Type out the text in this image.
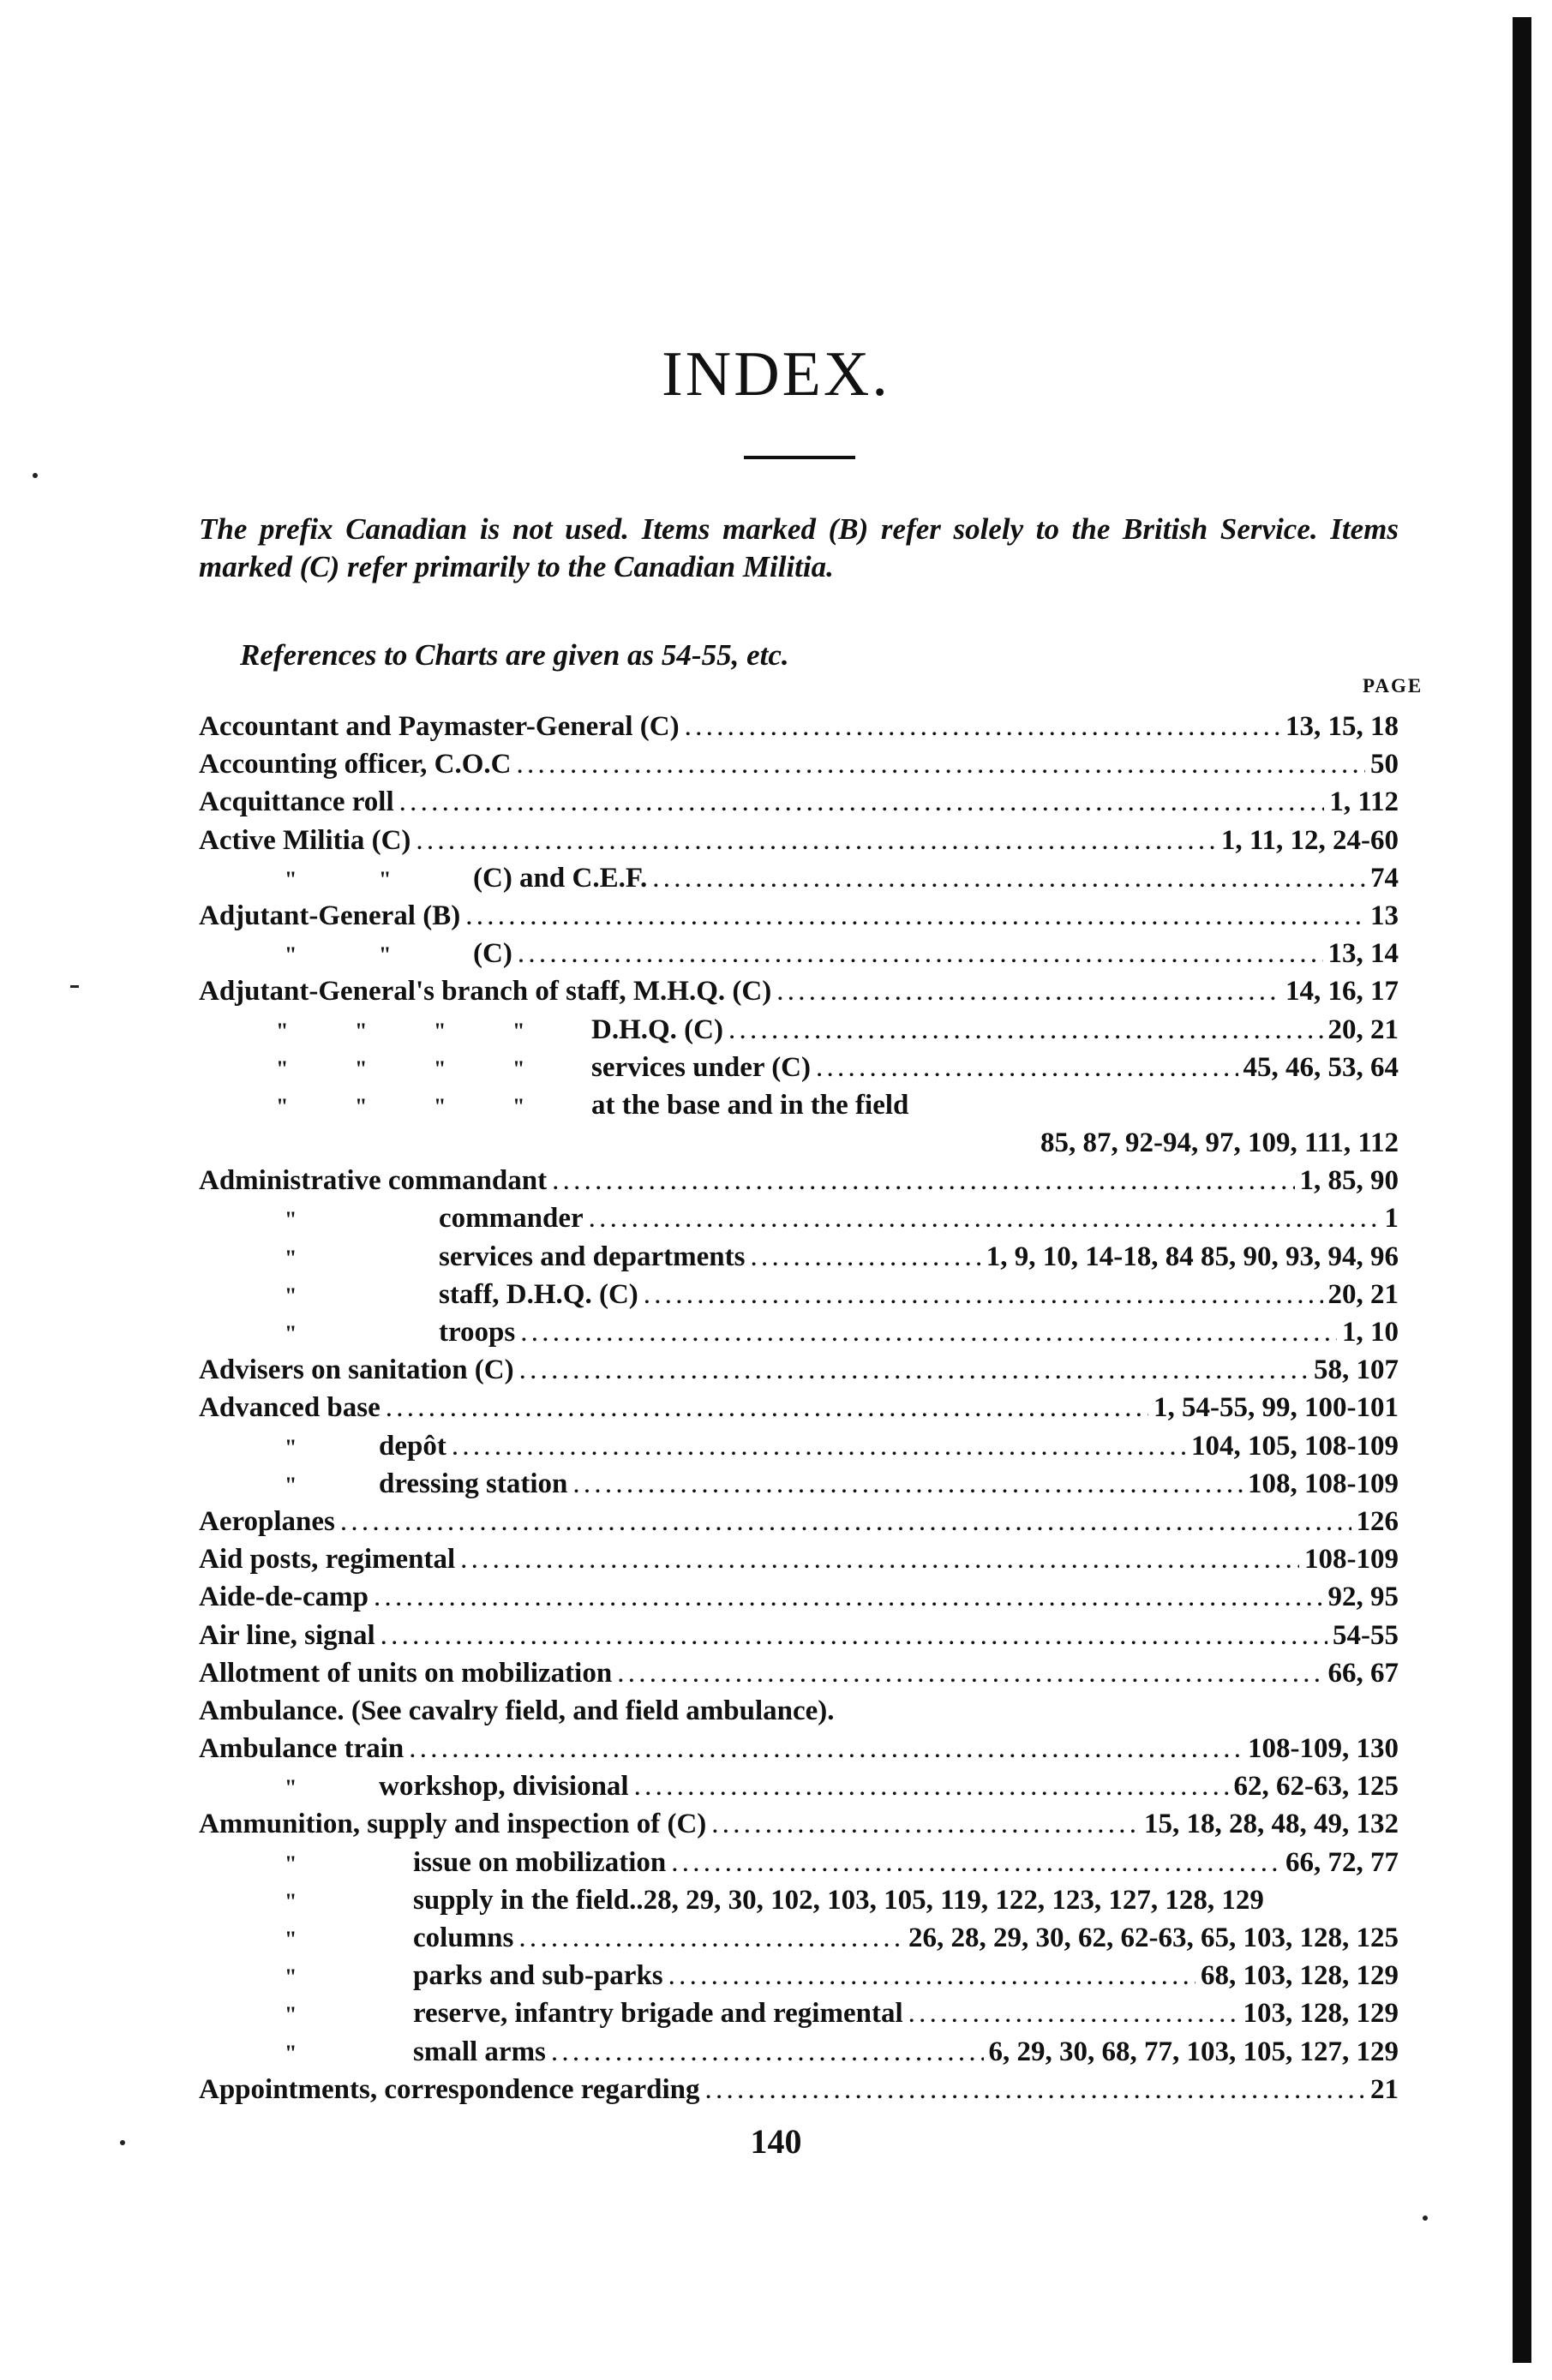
INDEX.
The prefix Canadian is not used. Items marked (B) refer solely to the British Service. Items marked (C) refer primarily to the Canadian Militia.
References to Charts are given as 54-55, etc.
PAGE
Accountant and Paymaster-General (C) . . .	13, 15, 18
Accounting officer, C.O.C . . .	50
Acquittance roll . . .	1, 112
Active Militia (C) . . .	1, 11, 12, 24-60
"	"	(C) and C.E.F. . . .	74
Adjutant-General (B) . . .	13
"	"	(C) . . .	13, 14
Adjutant-General's branch of staff, M.H.Q. (C) . . .	14, 16, 17
"	"	"	"	D.H.Q. (C) . . .	20, 21
"	"	"	"	services under (C) . . .	45, 46, 53, 64
"	"	"	"	at the base and in the field
85, 87, 92-94, 97, 109, 111, 112
Administrative commandant . . .	1, 85, 90
"	commander . . .	1
"	services and departments . . .	1, 9, 10, 14-18, 84 85, 90, 93, 94, 96
"	staff, D.H.Q. (C) . . .	20, 21
"	troops . . .	1, 10
Advisers on sanitation (C) . . .	58, 107
Advanced base . . .	1, 54-55, 99, 100-101
"	depôt . . .	104, 105, 108-109
"	dressing station . . .	108, 108-109
Aeroplanes . . .	126
Aid posts, regimental . . .	108-109
Aide-de-camp . . .	92, 95
Air line, signal . . .	54-55
Allotment of units on mobilization . . .	66, 67
Ambulance. (See cavalry field, and field ambulance).
Ambulance train . . .	108-109, 130
"	workshop, divisional . . .	62, 62-63, 125
Ammunition, supply and inspection of (C) . . .	15, 18, 28, 48, 49, 132
"	issue on mobilization . . .	66, 72, 77
"	supply in the field..28, 29, 30, 102, 103, 105, 119, 122, 123, 127, 128, 129
"	columns . . .	26, 28, 29, 30, 62, 62-63, 65, 103, 128, 125
"	parks and sub-parks . . .	68, 103, 128, 129
"	reserve, infantry brigade and regimental . . .	103, 128, 129
"	small arms . . .	6, 29, 30, 68, 77, 103, 105, 127, 129
Appointments, correspondence regarding . . .	21
140
